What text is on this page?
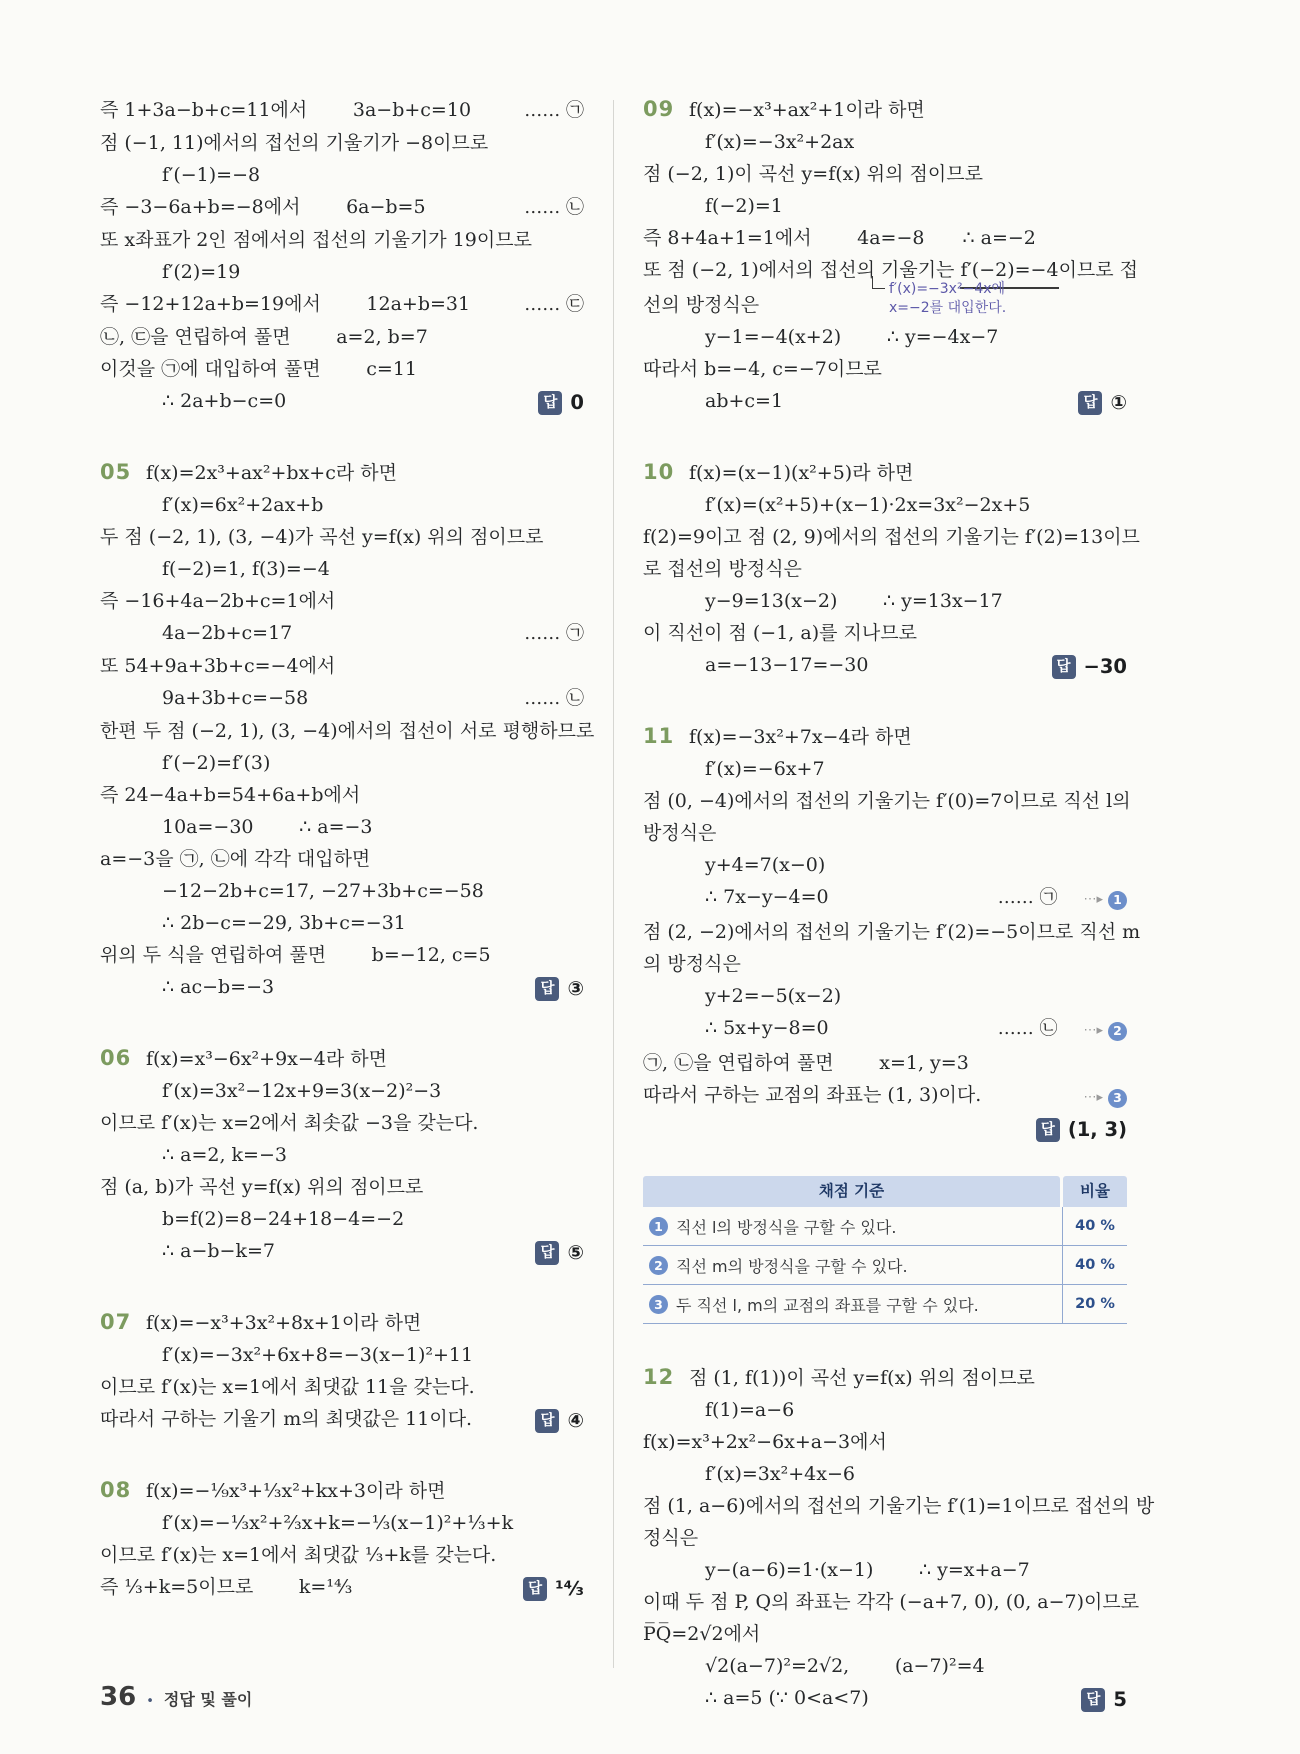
즉 1+3a−b+c=11에서 3a−b+c=10	…… ㉠
점 (−1, 11)에서의 접선의 기울기가 −8이므로
f′(−1)=−8
즉 −3−6a+b=−8에서 6a−b=5	…… ㉡
또 x좌표가 2인 점에서의 접선의 기울기가 19이므로
f′(2)=19
즉 −12+12a+b=19에서 12a+b=31	…… ㉢
㉡, ㉢을 연립하여 풀면 a=2, b=7
이것을 ㉠에 대입하여 풀면 c=11
∴ 2a+b−c=0	답 0
05 f(x)=2x³+ax²+bx+c라 하면
f′(x)=6x²+2ax+b
두 점 (−2, 1), (3, −4)가 곡선 y=f(x) 위의 점이므로
f(−2)=1, f(3)=−4
즉 −16+4a−2b+c=1에서
4a−2b+c=17	…… ㉠
또 54+9a+3b+c=−4에서
9a+3b+c=−58	…… ㉡
한편 두 점 (−2, 1), (3, −4)에서의 접선이 서로 평행하므로
f′(−2)=f′(3)
즉 24−4a+b=54+6a+b에서
10a=−30 ∴ a=−3
a=−3을 ㉠, ㉡에 각각 대입하면
−12−2b+c=17, −27+3b+c=−58
∴ 2b−c=−29, 3b+c=−31
위의 두 식을 연립하여 풀면 b=−12, c=5
∴ ac−b=−3	답 ③
06 f(x)=x³−6x²+9x−4라 하면
f′(x)=3x²−12x+9=3(x−2)²−3
이므로 f′(x)는 x=2에서 최솟값 −3을 갖는다.
∴ a=2, k=−3
점 (a, b)가 곡선 y=f(x) 위의 점이므로
b=f(2)=8−24+18−4=−2
∴ a−b−k=7	답 ⑤
07 f(x)=−x³+3x²+8x+1이라 하면
f′(x)=−3x²+6x+8=−3(x−1)²+11
이므로 f′(x)는 x=1에서 최댓값 11을 갖는다.
따라서 구하는 기울기 m의 최댓값은 11이다.	답 ④
08 f(x)=−¹⁄₉x³+¹⁄₃x²+kx+3이라 하면
f′(x)=−¹⁄₃x²+²⁄₃x+k=−¹⁄₃(x−1)²+¹⁄₃+k
이므로 f′(x)는 x=1에서 최댓값 ¹⁄₃+k를 갖는다.
즉 ¹⁄₃+k=5이므로 k=¹⁴⁄₃	답 ¹⁴⁄₃
09 f(x)=−x³+ax²+1이라 하면
f′(x)=−3x²+2ax
점 (−2, 1)이 곡선 y=f(x) 위의 점이므로
f(−2)=1
즉 8+4a+1=1에서 4a=−8  ∴ a=−2
또 점 (−2, 1)에서의 접선의 기울기는 f′(−2)=−4 이므로 접
선의 방정식은
f′(x)=−3x²−4x에
x=−2를 대입한다.
y−1=−4(x+2) ∴ y=−4x−7
따라서 b=−4, c=−7이므로
ab+c=1	답 ①
10 f(x)=(x−1)(x²+5)라 하면
f′(x)=(x²+5)+(x−1)·2x=3x²−2x+5
f(2)=9이고 점 (2, 9)에서의 접선의 기울기는 f′(2)=13이므
로 접선의 방정식은
y−9=13(x−2) ∴ y=13x−17
이 직선이 점 (−1, a)를 지나므로
a=−13−17=−30	답 −30
11 f(x)=−3x²+7x−4라 하면
f′(x)=−6x+7
점 (0, −4)에서의 접선의 기울기는 f′(0)=7이므로 직선 l의
방정식은
y+4=7(x−0)
∴ 7x−y−4=0	…… ㉠ ⋯▸ 1
점 (2, −2)에서의 접선의 기울기는 f′(2)=−5이므로 직선 m
의 방정식은
y+2=−5(x−2)
∴ 5x+y−8=0	…… ㉡ ⋯▸ 2
㉠, ㉡을 연립하여 풀면 x=1, y=3
따라서 구하는 교점의 좌표는 (1, 3)이다.	⋯▸ 3
답 (1, 3)
채점 기준	비율
1 직선 l의 방정식을 구할 수 있다.	40 %
2 직선 m의 방정식을 구할 수 있다.	40 %
3 두 직선 l, m의 교점의 좌표를 구할 수 있다.	20 %
12 점 (1, f(1))이 곡선 y=f(x) 위의 점이므로
f(1)=a−6
f(x)=x³+2x²−6x+a−3에서
f′(x)=3x²+4x−6
점 (1, a−6)에서의 접선의 기울기는 f′(1)=1이므로 접선의 방
정식은
y−(a−6)=1·(x−1) ∴ y=x+a−7
이때 두 점 P, Q의 좌표는 각각 (−a+7, 0), (0, a−7)이므로
P̅Q̅=2√2에서
√2(a−7)²=2√2, (a−7)²=4
∴ a=5 (∵ 0<a<7)	답 5
36 • 정답 및 풀이
